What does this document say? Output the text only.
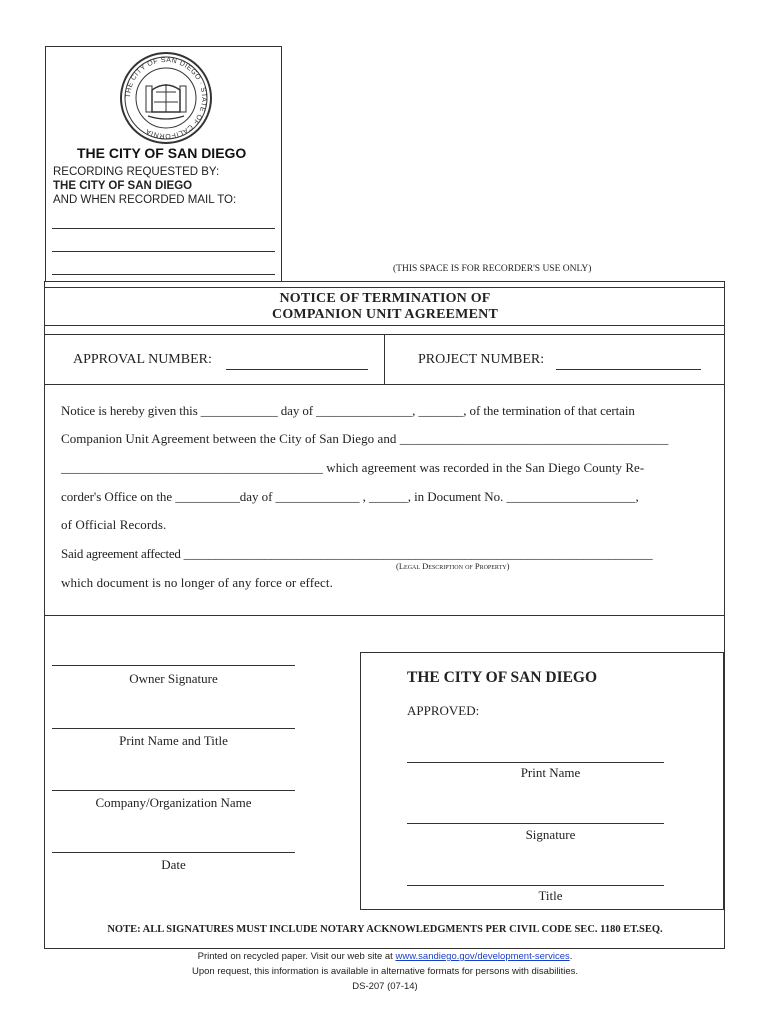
THE CITY OF SAN DIEGO · STATE OF CALIFORNIA
THE CITY OF SAN DIEGO
RECORDING REQUESTED BY:
THE CITY OF SAN DIEGO
AND WHEN RECORDED MAIL TO:
(THIS SPACE IS FOR RECORDER'S USE ONLY)
NOTICE OF TERMINATION OF
COMPANION UNIT AGREEMENT
APPROVAL NUMBER:	PROJECT NUMBER:
Notice is hereby given this ____________ day of _______________, _______, of the termination of that certain
Companion Unit Agreement between the City of San Diego and _________________________________________
________________________________________ which agreement was recorded in the San Diego County Re-
corder's Office on the __________day of _____________ , ______, in Document No. ____________________,
of Official Records.
Said agreement affected ___________________________________________________________________________
(Legal Description of Property)
which document is no longer of any force or effect.
Owner Signature
Print Name and Title
Company/Organization Name
Date
THE CITY OF SAN DIEGO
APPROVED:
Print Name
Signature
Title
NOTE: ALL SIGNATURES MUST INCLUDE NOTARY ACKNOWLEDGMENTS PER CIVIL CODE SEC. 1180 ET.SEQ.
Printed on recycled paper. Visit our web site at www.sandiego.gov/development-services.
Upon request, this information is available in alternative formats for persons with disabilities.
DS-207 (07-14)
